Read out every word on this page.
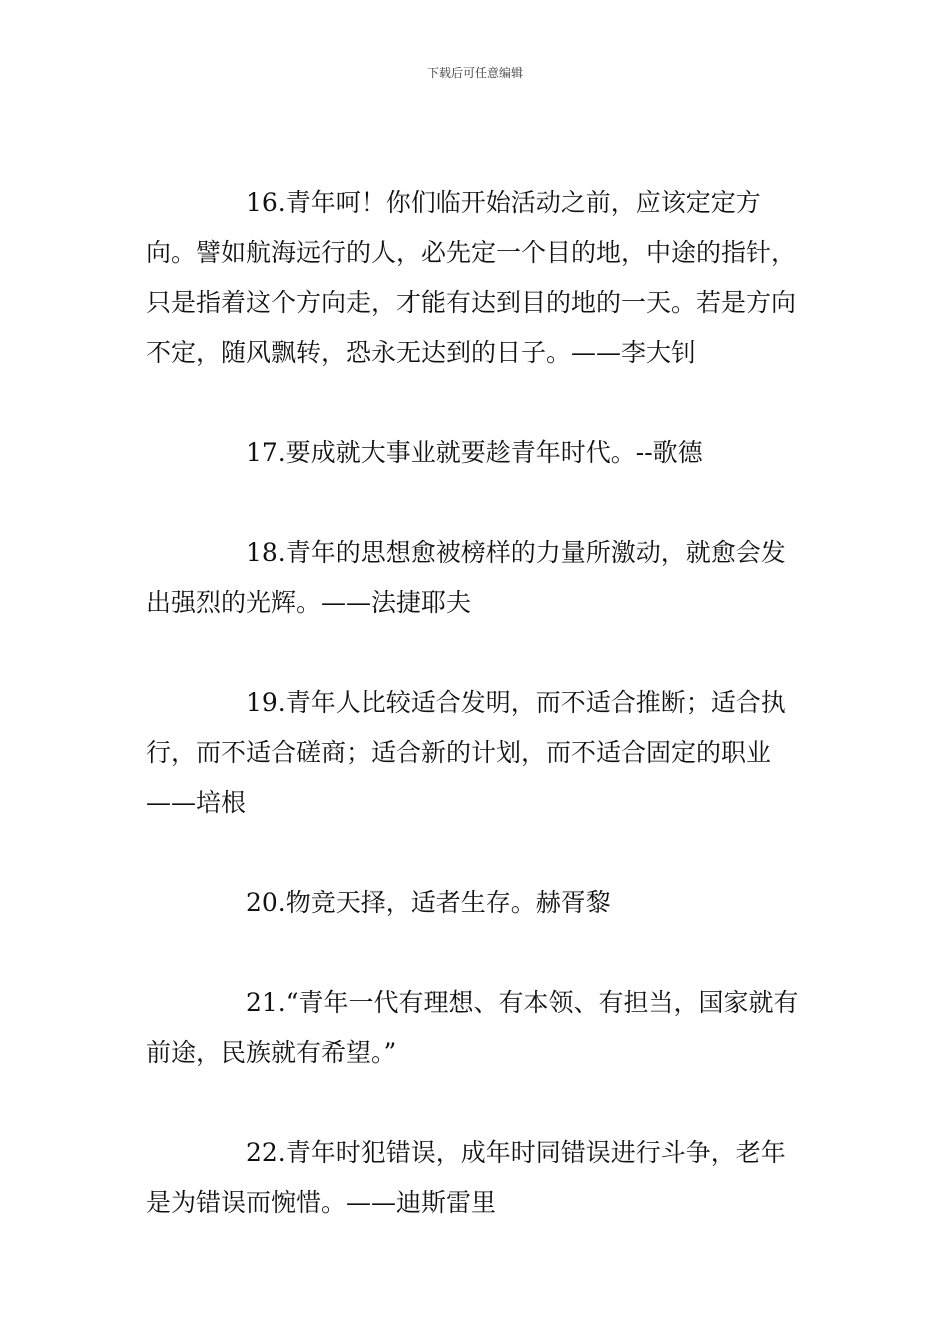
下载后可任意编辑

16.青年呵！你们临开始活动之前，应该定定方向。譬如航海远行的人，必先定一个目的地，中途的指针，只是指着这个方向走，才能有达到目的地的一天。若是方向不定，随风飘转，恐永无达到的日子。——李大钊

17.要成就大事业就要趁青年时代。--歌德

18.青年的思想愈被榜样的力量所激动，就愈会发出强烈的光辉。——法捷耶夫

19.青年人比较适合发明，而不适合推断；适合执行，而不适合磋商；适合新的计划，而不适合固定的职业——培根

20.物竞天择，适者生存。赫胥黎

21.“青年一代有理想、有本领、有担当，国家就有前途，民族就有希望。”

22.青年时犯错误，成年时同错误进行斗争，老年是为错误而惋惜。——迪斯雷里
